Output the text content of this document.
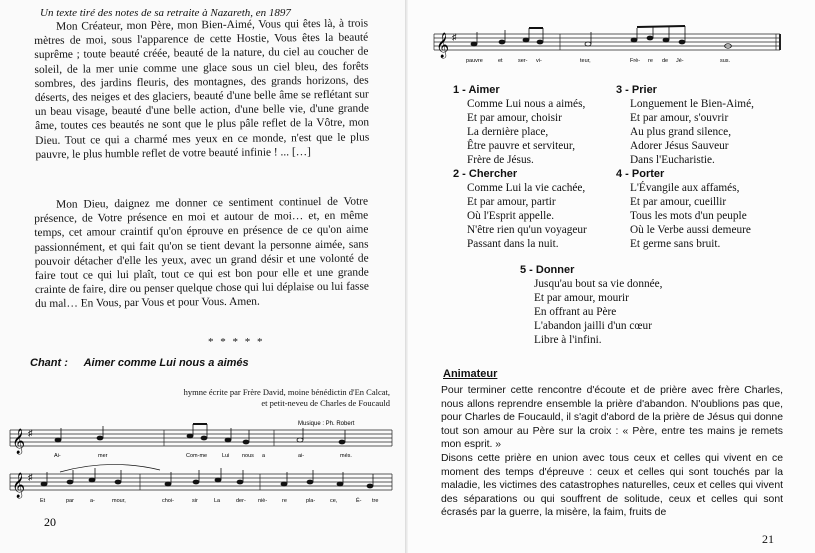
Un texte tiré des notes de sa retraite à Nazareth, en 1897
Mon Créateur, mon Père, mon Bien-Aimé, Vous qui êtes là, à trois mètres de moi, sous l'apparence de cette Hostie, Vous êtes la beauté suprême ; toute beauté créée, beauté de la nature, du ciel au coucher de soleil, de la mer unie comme une glace sous un ciel bleu, des forêts sombres, des jardins fleuris, des montagnes, des grands horizons, des déserts, des neiges et des glaciers, beauté d'une belle âme se reflétant sur un beau visage, beauté d'une belle action, d'une belle vie, d'une grande âme, toutes ces beautés ne sont que le plus pâle reflet de la Vôtre, mon Dieu. Tout ce qui a charmé mes yeux en ce monde, n'est que le plus pauvre, le plus humble reflet de votre beauté infinie ! ... […]
Mon Dieu, daignez me donner ce sentiment continuel de Votre présence, de Votre présence en moi et autour de moi… et, en même temps, cet amour craintif qu'on éprouve en présence de ce qu'on aime passionnément, et qui fait qu'on se tient devant la personne aimée, sans pouvoir détacher d'elle les yeux, avec un grand désir et une volonté de faire tout ce qui lui plaît, tout ce qui est bon pour elle et une grande crainte de faire, dire ou penser quelque chose qui lui déplaise ou lui fasse du mal… En Vous, par Vous et pour Vous. Amen.
* * * * *
Chant : Aimer comme Lui nous a aimés
hymne écrite par Frère David, moine bénédictin d'En Calcat,
et petit-neveu de Charles de Foucauld
Musique : Ph. Robert
𝄞 ♯
Ai-	mer	Com-me	Lui nous a	ai-	més.
𝄞 ♯
Et	par	a-	mour,	choi-	sir	La	der- niè-	re	pla-	ce,	Ê- tre
20
𝄞 ♯
pauvre	et	ser- vi-	teur,	Frè- re de Jé-	sus.
1 - Aimer
Comme Lui nous a aimés,
Et par amour, choisir
La dernière place,
Être pauvre et serviteur,
Frère de Jésus.
2 - Chercher
Comme Lui la vie cachée,
Et par amour, partir
Où l'Esprit appelle.
N'être rien qu'un voyageur
Passant dans la nuit.
3 - Prier
Longuement le Bien-Aimé,
Et par amour, s'ouvrir
Au plus grand silence,
Adorer Jésus Sauveur
Dans l'Eucharistie.
4 - Porter
L'Évangile aux affamés,
Et par amour, cueillir
Tous les mots d'un peuple
Où le Verbe aussi demeure
Et germe sans bruit.
5 - Donner
Jusqu'au bout sa vie donnée,
Et par amour, mourir
En offrant au Père
L'abandon jailli d'un cœur
Libre à l'infini.
Animateur
Pour terminer cette rencontre d'écoute et de prière avec frère Charles, nous allons reprendre ensemble la prière d'abandon. N'oublions pas que, pour Charles de Foucauld, il s'agit d'abord de la prière de Jésus qui donne tout son amour au Père sur la croix : « Père, entre tes mains je remets mon esprit. »
Disons cette prière en union avec tous ceux et celles qui vivent en ce moment des temps d'épreuve : ceux et celles qui sont touchés par la maladie, les victimes des catastrophes naturelles, ceux et celles qui vivent des séparations ou qui souffrent de solitude, ceux et celles qui sont écrasés par la guerre, la misère, la faim, fruits de
21
